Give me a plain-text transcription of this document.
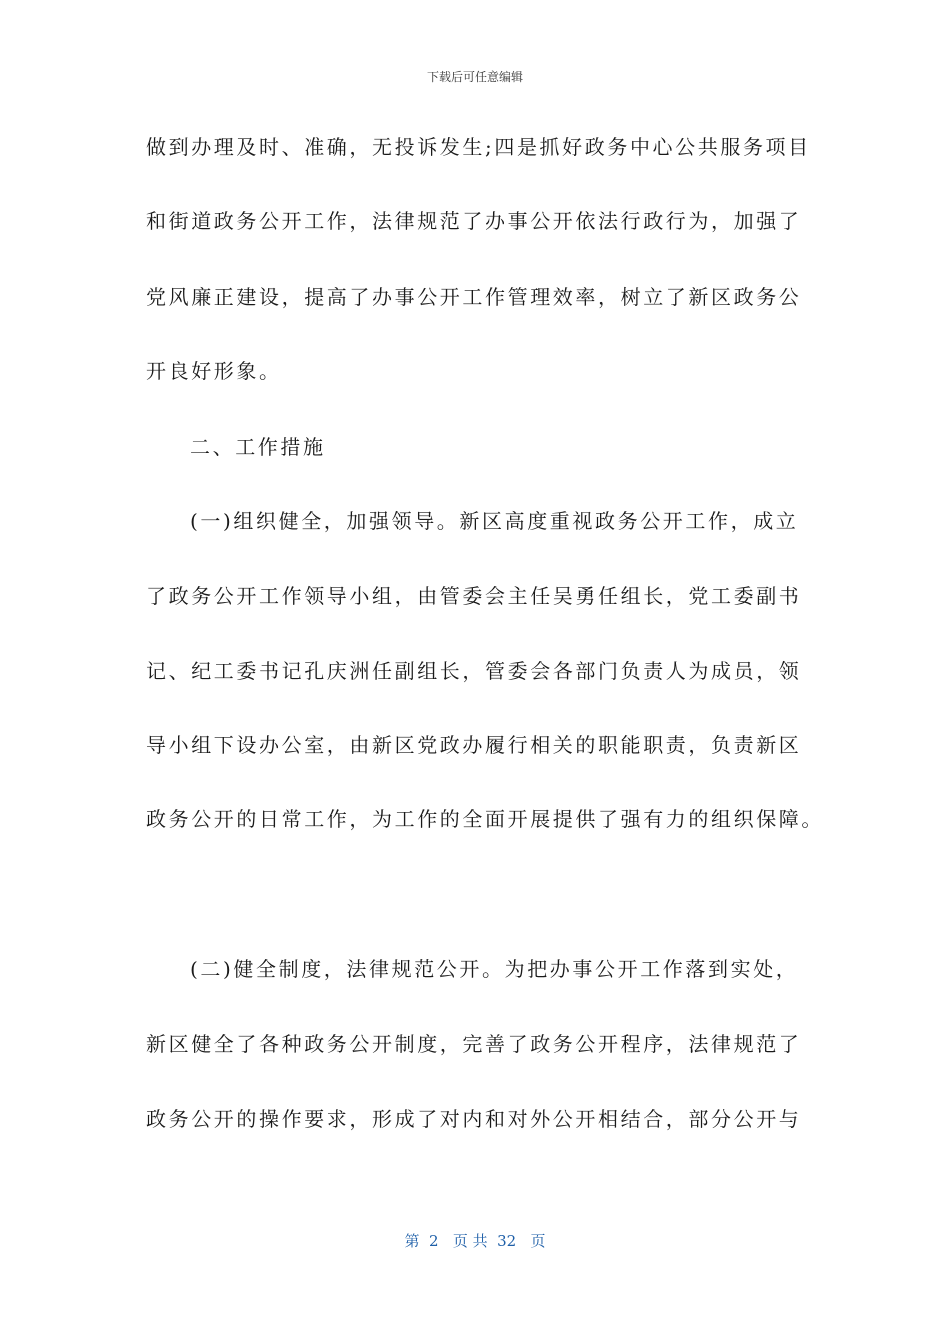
下载后可任意编辑
做到办理及时、准确，无投诉发生;四是抓好政务中心公共服务项目
和街道政务公开工作，法律规范了办事公开依法行政行为，加强了
党风廉正建设，提高了办事公开工作管理效率，树立了新区政务公
开良好形象。
二、工作措施
(一)组织健全，加强领导。新区高度重视政务公开工作，成立
了政务公开工作领导小组，由管委会主任吴勇任组长，党工委副书
记、纪工委书记孔庆洲任副组长，管委会各部门负责人为成员，领
导小组下设办公室，由新区党政办履行相关的职能职责，负责新区
政务公开的日常工作，为工作的全面开展提供了强有力的组织保障。
(二)健全制度，法律规范公开。为把办事公开工作落到实处，
新区健全了各种政务公开制度，完善了政务公开程序，法律规范了
政务公开的操作要求，形成了对内和对外公开相结合，部分公开与
第  2   页 共  32   页
